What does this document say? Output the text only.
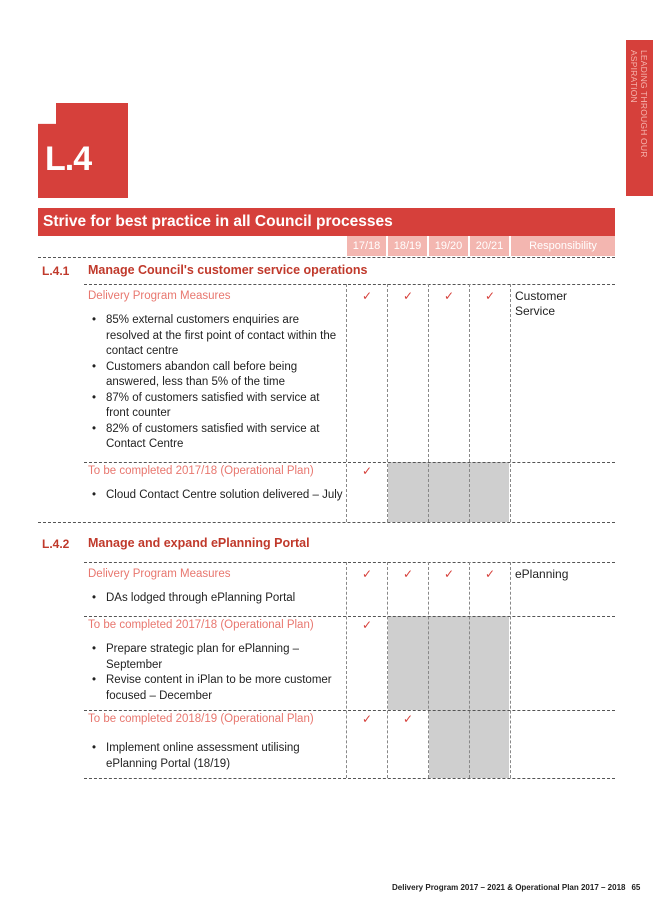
LEADING THROUGH OUR ASPIRATION
L.4
Strive for best practice in all Council processes
17/18	18/19	19/20	20/21	Responsibility
L.4.1 Manage Council's customer service operations
Delivery Program Measures	✓	✓	✓	✓ Customer Service
• 85% external customers enquiries are resolved at the first point of contact within the contact centre
• Customers abandon call before being answered, less than 5% of the time
• 87% of customers satisfied with service at front counter
• 82% of customers satisfied with service at Contact Centre
To be completed 2017/18 (Operational Plan)	✓
• Cloud Contact Centre solution delivered – July
L.4.2 Manage and expand ePlanning Portal
Delivery Program Measures	✓	✓	✓	✓ ePlanning
• DAs lodged through ePlanning Portal
To be completed 2017/18 (Operational Plan)	✓
• Prepare strategic plan for ePlanning – September
• Revise content in iPlan to be more customer focused – December
To be completed 2018/19 (Operational Plan)	✓	✓
• Implement online assessment utilising ePlanning Portal (18/19)
Delivery Program 2017 – 2021 & Operational Plan 2017 – 2018 65
